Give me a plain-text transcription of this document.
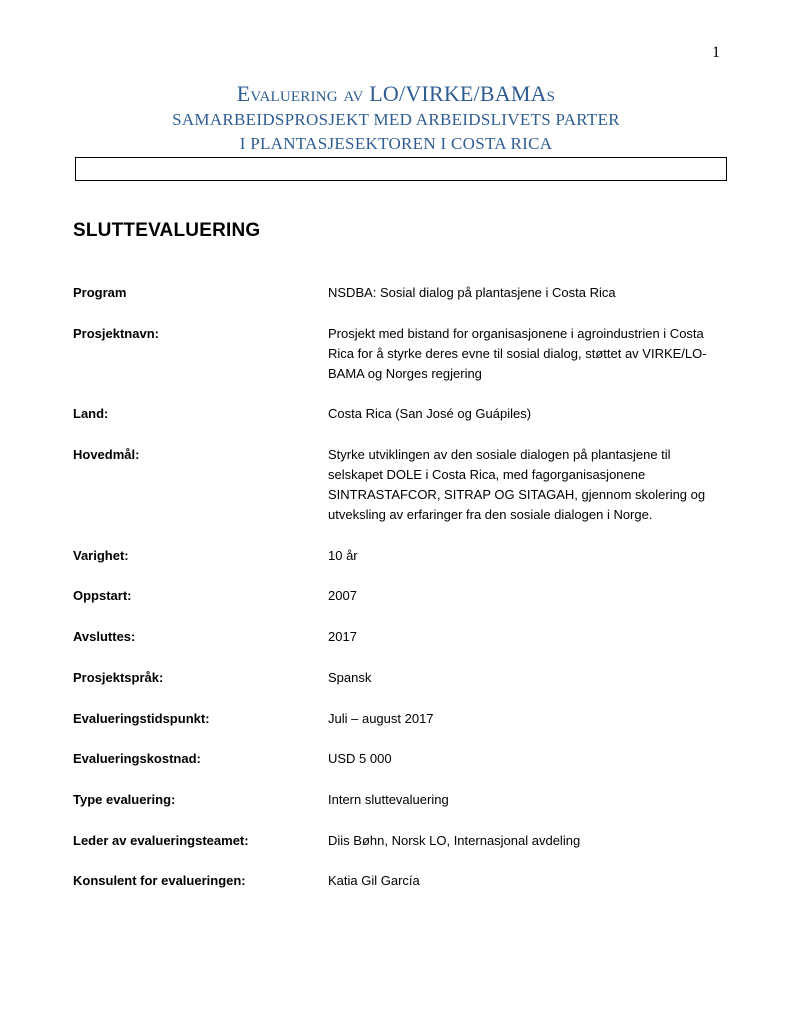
1
Evaluering av LO/VIRKE/BAMAs
SAMARBEIDSPROSJEKT MED ARBEIDSLIVETS PARTER
I PLANTASJESEKTOREN I COSTA RICA
SLUTTEVALUERING
Program	NSDBA: Sosial dialog på plantasjene i Costa Rica
Prosjektnavn:	Prosjekt med bistand for organisasjonene i agroindustrien i Costa Rica for å styrke deres evne til sosial dialog, støttet av VIRKE/LO-BAMA og Norges regjering
Land:	Costa Rica (San José og Guápiles)
Hovedmål:	Styrke utviklingen av den sosiale dialogen på plantasjene til selskapet DOLE i Costa Rica, med fagorganisasjonene SINTRASTAFCOR, SITRAP OG SITAGAH, gjennom skolering og utveksling av erfaringer fra den sosiale dialogen i Norge.
Varighet:	10 år
Oppstart:	2007
Avsluttes:	2017
Prosjektspråk:	Spansk
Evalueringstidspunkt:	Juli – august 2017
Evalueringskostnad:	USD 5 000
Type evaluering:	Intern sluttevaluering
Leder av evalueringsteamet:	Diis Bøhn, Norsk LO, Internasjonal avdeling
Konsulent for evalueringen:	Katia Gil García
